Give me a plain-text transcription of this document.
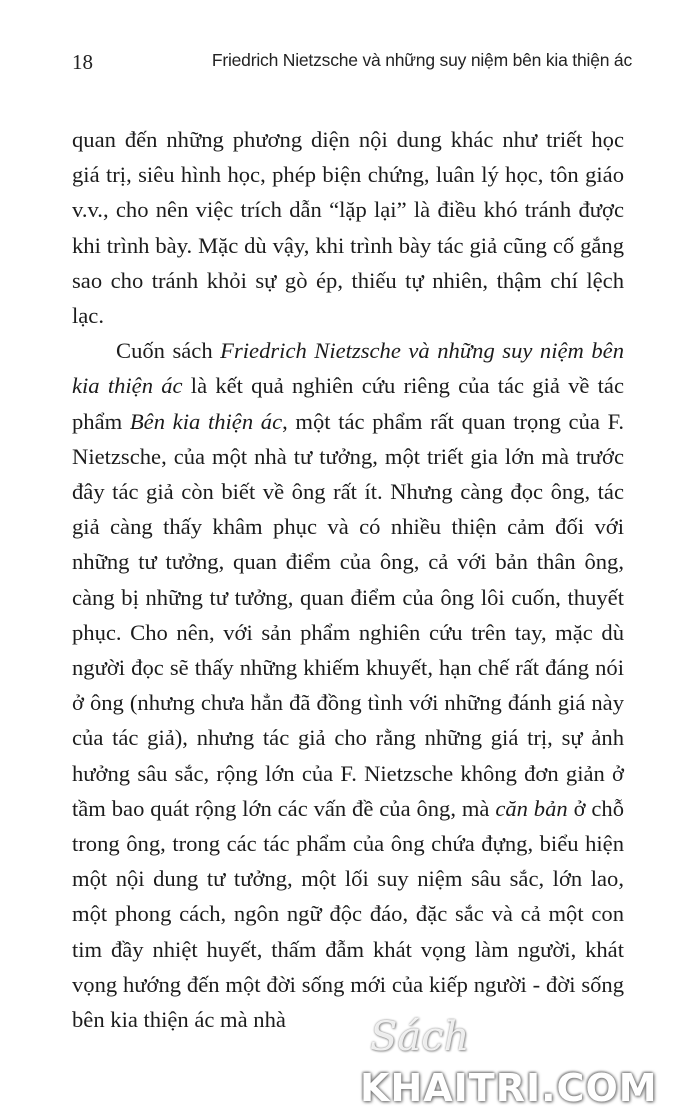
18	Friedrich Nietzsche và những suy niệm bên kia thiện ác

quan đến những phương diện nội dung khác như triết học giá trị, siêu hình học, phép biện chứng, luân lý học, tôn giáo v.v., cho nên việc trích dẫn “lặp lại” là điều khó tránh được khi trình bày. Mặc dù vậy, khi trình bày tác giả cũng cố gắng sao cho tránh khỏi sự gò ép, thiếu tự nhiên, thậm chí lệch lạc.

Cuốn sách Friedrich Nietzsche và những suy niệm bên kia thiện ác là kết quả nghiên cứu riêng của tác giả về tác phẩm Bên kia thiện ác, một tác phẩm rất quan trọng của F. Nietzsche, của một nhà tư tưởng, một triết gia lớn mà trước đây tác giả còn biết về ông rất ít. Nhưng càng đọc ông, tác giả càng thấy khâm phục và có nhiều thiện cảm đối với những tư tưởng, quan điểm của ông, cả với bản thân ông, càng bị những tư tưởng, quan điểm của ông lôi cuốn, thuyết phục. Cho nên, với sản phẩm nghiên cứu trên tay, mặc dù người đọc sẽ thấy những khiếm khuyết, hạn chế rất đáng nói ở ông (nhưng chưa hẳn đã đồng tình với những đánh giá này của tác giả), nhưng tác giả cho rằng những giá trị, sự ảnh hưởng sâu sắc, rộng lớn của F. Nietzsche không đơn giản ở tầm bao quát rộng lớn các vấn đề của ông, mà căn bản ở chỗ trong ông, trong các tác phẩm của ông chứa đựng, biểu hiện một nội dung tư tưởng, một lối suy niệm sâu sắc, lớn lao, một phong cách, ngôn ngữ độc đáo, đặc sắc và cả một con tim đầy nhiệt huyết, thấm đẫm khát vọng làm người, khát vọng hướng đến một đời sống mới của kiếp người - đời sống bên kia thiện ác mà nhà	Sách
KHAITRI.COM
